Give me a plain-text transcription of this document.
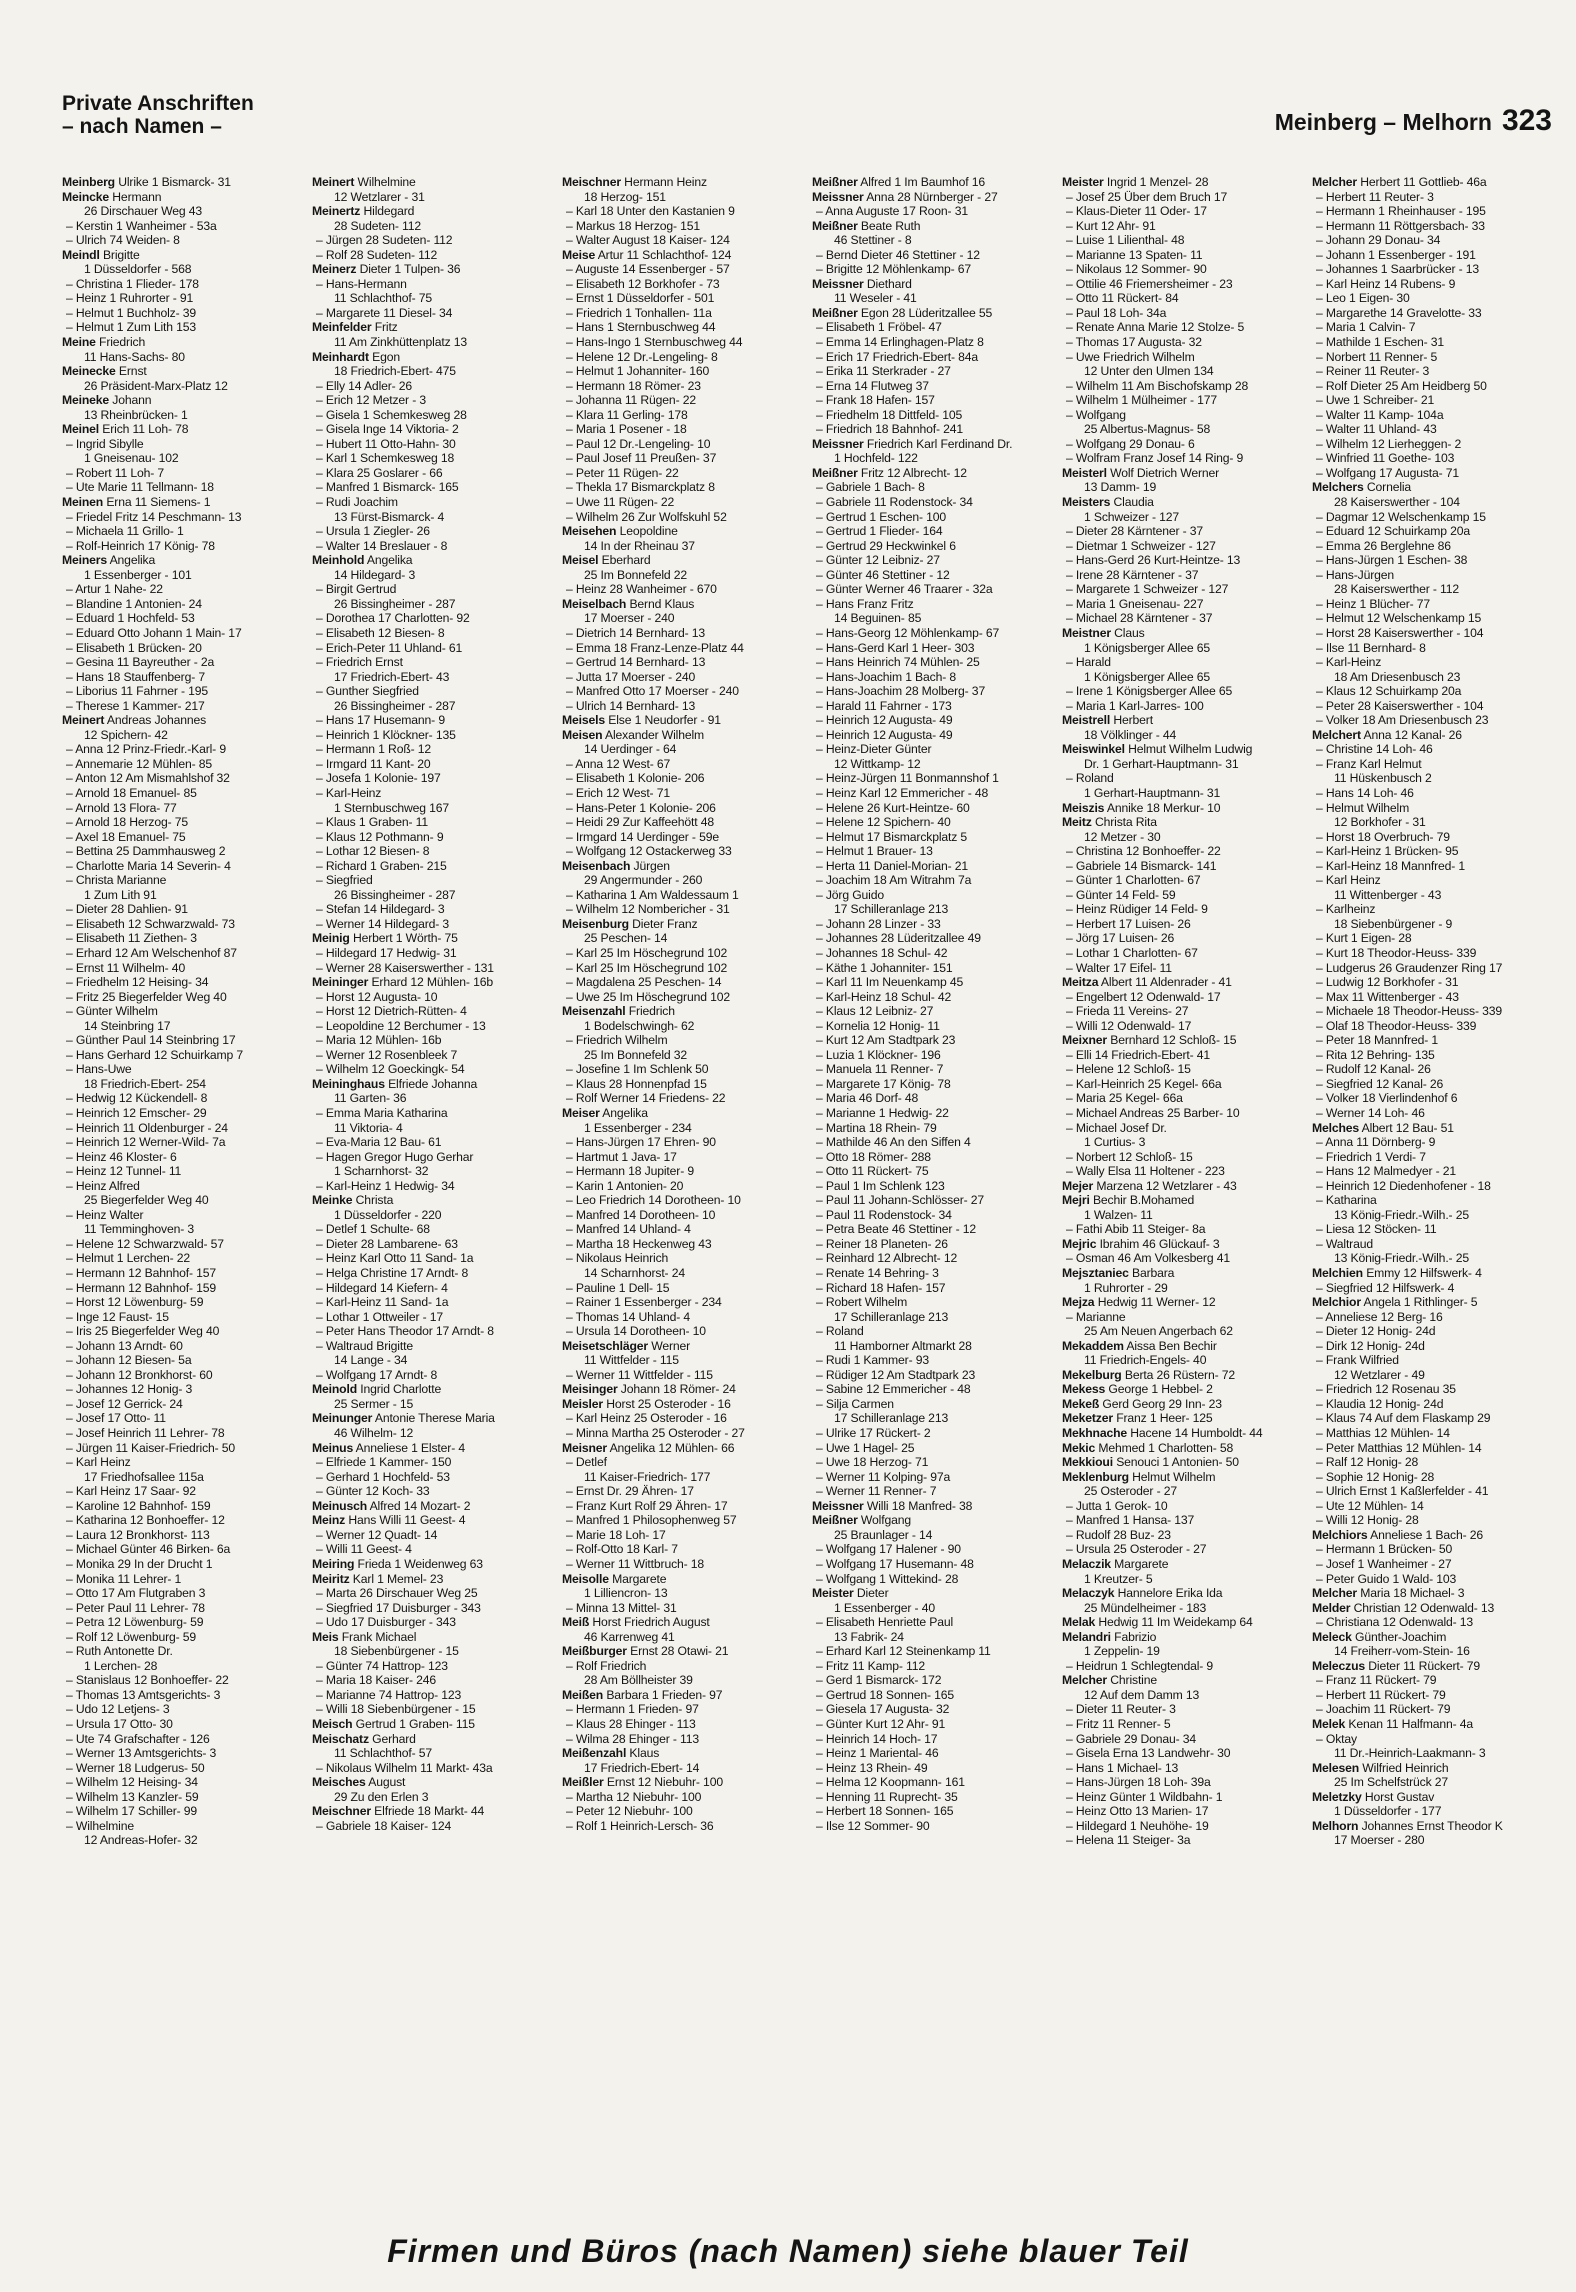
Private Anschriften
– nach Namen –	Meinberg – Melhorn 323
Meinberg Ulrike 1 Bismarck- 31
Meincke Hermann
26 Dirschauer Weg 43
– Kerstin 1 Wanheimer - 53a
– Ulrich 74 Weiden- 8
Meindl Brigitte
1 Düsseldorfer - 568
– Christina 1 Flieder- 178
– Heinz 1 Ruhrorter - 91
– Helmut 1 Buchholz- 39
– Helmut 1 Zum Lith 153
Meine Friedrich
11 Hans-Sachs- 80
Meinecke Ernst
26 Präsident-Marx-Platz 12
Meineke Johann
13 Rheinbrücken- 1
Meinel Erich 11 Loh- 78
– Ingrid Sibylle
1 Gneisenau- 102
– Robert 11 Loh- 7
– Ute Marie 11 Tellmann- 18
Meinen Erna 11 Siemens- 1
– Friedel Fritz 14 Peschmann- 13
– Michaela 11 Grillo- 1
– Rolf-Heinrich 17 König- 78
Meiners Angelika
1 Essenberger - 101
– Artur 1 Nahe- 22
– Blandine 1 Antonien- 24
– Eduard 1 Hochfeld- 53
– Eduard Otto Johann 1 Main- 17
– Elisabeth 1 Brücken- 20
– Gesina 11 Bayreuther - 2a
– Hans 18 Stauffenberg- 7
– Liborius 11 Fahrner - 195
– Therese 1 Kammer- 217
Meinert Andreas Johannes
12 Spichern- 42
– Anna 12 Prinz-Friedr.-Karl- 9
– Annemarie 12 Mühlen- 85
– Anton 12 Am Mismahlshof 32
– Arnold 18 Emanuel- 85
– Arnold 13 Flora- 77
– Arnold 18 Herzog- 75
– Axel 18 Emanuel- 75
– Bettina 25 Dammhausweg 2
– Charlotte Maria 14 Severin- 4
– Christa Marianne
1 Zum Lith 91
– Dieter 28 Dahlien- 91
– Elisabeth 12 Schwarzwald- 73
– Elisabeth 11 Ziethen- 3
– Erhard 12 Am Welschenhof 87
– Ernst 11 Wilhelm- 40
– Friedhelm 12 Heising- 34
– Fritz 25 Biegerfelder Weg 40
– Günter Wilhelm
14 Steinbring 17
– Günther Paul 14 Steinbring 17
– Hans Gerhard 12 Schuirkamp 7
– Hans-Uwe
18 Friedrich-Ebert- 254
– Hedwig 12 Kückendell- 8
– Heinrich 12 Emscher- 29
– Heinrich 11 Oldenburger - 24
– Heinrich 12 Werner-Wild- 7a
– Heinz 46 Kloster- 6
– Heinz 12 Tunnel- 11
– Heinz Alfred
25 Biegerfelder Weg 40
– Heinz Walter
11 Temminghoven- 3
– Helene 12 Schwarzwald- 57
– Helmut 1 Lerchen- 22
– Hermann 12 Bahnhof- 157
– Hermann 12 Bahnhof- 159
– Horst 12 Löwenburg- 59
– Inge 12 Faust- 15
– Iris 25 Biegerfelder Weg 40
– Johann 13 Arndt- 60
– Johann 12 Biesen- 5a
– Johann 12 Bronkhorst- 60
– Johannes 12 Honig- 3
– Josef 12 Gerrick- 24
– Josef 17 Otto- 11
– Josef Heinrich 11 Lehrer- 78
– Jürgen 11 Kaiser-Friedrich- 50
– Karl Heinz
17 Friedhofsallee 115a
– Karl Heinz 17 Saar- 92
– Karoline 12 Bahnhof- 159
– Katharina 12 Bonhoeffer- 12
– Laura 12 Bronkhorst- 113
– Michael Günter 46 Birken- 6a
– Monika 29 In der Drucht 1
– Monika 11 Lehrer- 1
– Otto 17 Am Flutgraben 3
– Peter Paul 11 Lehrer- 78
– Petra 12 Löwenburg- 59
– Rolf 12 Löwenburg- 59
– Ruth Antonette Dr.
1 Lerchen- 28
– Stanislaus 12 Bonhoeffer- 22
– Thomas 13 Amtsgerichts- 3
– Udo 12 Letjens- 3
– Ursula 17 Otto- 30
– Ute 74 Grafschafter - 126
– Werner 13 Amtsgerichts- 3
– Werner 18 Ludgerus- 50
– Wilhelm 12 Heising- 34
– Wilhelm 13 Kanzler- 59
– Wilhelm 17 Schiller- 99
– Wilhelmine
12 Andreas-Hofer- 32
Meinert Wilhelmine
12 Wetzlarer - 31
Meinertz Hildegard
28 Sudeten- 112
– Jürgen 28 Sudeten- 112
– Rolf 28 Sudeten- 112
Meinerz Dieter 1 Tulpen- 36
– Hans-Hermann
11 Schlachthof- 75
– Margarete 11 Diesel- 34
Meinfelder Fritz
11 Am Zinkhüttenplatz 13
Meinhardt Egon
18 Friedrich-Ebert- 475
– Elly 14 Adler- 26
– Erich 12 Metzer - 3
– Gisela 1 Schemkesweg 28
– Gisela Inge 14 Viktoria- 2
– Hubert 11 Otto-Hahn- 30
– Karl 1 Schemkesweg 18
– Klara 25 Goslarer - 66
– Manfred 1 Bismarck- 165
– Rudi Joachim
13 Fürst-Bismarck- 4
– Ursula 1 Ziegler- 26
– Walter 14 Breslauer - 8
Meinhold Angelika
14 Hildegard- 3
– Birgit Gertrud
26 Bissingheimer - 287
– Dorothea 17 Charlotten- 92
– Elisabeth 12 Biesen- 8
– Erich-Peter 11 Uhland- 61
– Friedrich Ernst
17 Friedrich-Ebert- 43
– Gunther Siegfried
26 Bissingheimer - 287
– Hans 17 Husemann- 9
– Heinrich 1 Klöckner- 135
– Hermann 1 Roß- 12
– Irmgard 11 Kant- 20
– Josefa 1 Kolonie- 197
– Karl-Heinz
1 Sternbuschweg 167
– Klaus 1 Graben- 11
– Klaus 12 Pothmann- 9
– Lothar 12 Biesen- 8
– Richard 1 Graben- 215
– Siegfried
26 Bissingheimer - 287
– Stefan 14 Hildegard- 3
– Werner 14 Hildegard- 3
Meinig Herbert 1 Wörth- 75
– Hildegard 17 Hedwig- 31
– Werner 28 Kaiserswerther - 131
Meininger Erhard 12 Mühlen- 16b
– Horst 12 Augusta- 10
– Horst 12 Dietrich-Rütten- 4
– Leopoldine 12 Berchumer - 13
– Maria 12 Mühlen- 16b
– Werner 12 Rosenbleek 7
– Wilhelm 12 Goeckingk- 54
Meininghaus Elfriede Johanna
11 Garten- 36
– Emma Maria Katharina
11 Viktoria- 4
– Eva-Maria 12 Bau- 61
– Hagen Gregor Hugo Gerhar
1 Scharnhorst- 32
– Karl-Heinz 1 Hedwig- 34
Meinke Christa
1 Düsseldorfer - 220
– Detlef 1 Schulte- 68
– Dieter 28 Lambarene- 63
– Heinz Karl Otto 11 Sand- 1a
– Helga Christine 17 Arndt- 8
– Hildegard 14 Kiefern- 4
– Karl-Heinz 11 Sand- 1a
– Lothar 1 Ottweiler - 17
– Peter Hans Theodor 17 Arndt- 8
– Waltraud Brigitte
14 Lange - 34
– Wolfgang 17 Arndt- 8
Meinold Ingrid Charlotte
25 Sermer - 15
Meinunger Antonie Therese Maria
46 Wilhelm- 12
Meinus Anneliese 1 Elster- 4
– Elfriede 1 Kammer- 150
– Gerhard 1 Hochfeld- 53
– Günter 12 Koch- 33
Meinusch Alfred 14 Mozart- 2
Meinz Hans Willi 11 Geest- 4
– Werner 12 Quadt- 14
– Willi 11 Geest- 4
Meiring Frieda 1 Weidenweg 63
Meiritz Karl 1 Memel- 23
– Marta 26 Dirschauer Weg 25
– Siegfried 17 Duisburger - 343
– Udo 17 Duisburger - 343
Meis Frank Michael
18 Siebenbürgener - 15
– Günter 74 Hattrop- 123
– Maria 18 Kaiser- 246
– Marianne 74 Hattrop- 123
– Willi 18 Siebenbürgener - 15
Meisch Gertrud 1 Graben- 115
Meischatz Gerhard
11 Schlachthof- 57
– Nikolaus Wilhelm 11 Markt- 43a
Meisches August
29 Zu den Erlen 3
Meischner Elfriede 18 Markt- 44
– Gabriele 18 Kaiser- 124
Meischner Hermann Heinz
18 Herzog- 151
– Karl 18 Unter den Kastanien 9
– Markus 18 Herzog- 151
– Walter August 18 Kaiser- 124
Meise Artur 11 Schlachthof- 124
– Auguste 14 Essenberger - 57
– Elisabeth 12 Borkhofer - 73
– Ernst 1 Düsseldorfer - 501
– Friedrich 1 Tonhallen- 11a
– Hans 1 Sternbuschweg 44
– Hans-Ingo 1 Sternbuschweg 44
– Helene 12 Dr.-Lengeling- 8
– Helmut 1 Johanniter- 160
– Hermann 18 Römer- 23
– Johanna 11 Rügen- 22
– Klara 11 Gerling- 178
– Maria 1 Posener - 18
– Paul 12 Dr.-Lengeling- 10
– Paul Josef 11 Preußen- 37
– Peter 11 Rügen- 22
– Thekla 17 Bismarckplatz 8
– Uwe 11 Rügen- 22
– Wilhelm 26 Zur Wolfskuhl 52
Meisehen Leopoldine
14 In der Rheinau 37
Meisel Eberhard
25 Im Bonnefeld 22
– Heinz 28 Wanheimer - 670
Meiselbach Bernd Klaus
17 Moerser - 240
– Dietrich 14 Bernhard- 13
– Emma 18 Franz-Lenze-Platz 44
– Gertrud 14 Bernhard- 13
– Jutta 17 Moerser - 240
– Manfred Otto 17 Moerser - 240
– Ulrich 14 Bernhard- 13
Meisels Else 1 Neudorfer - 91
Meisen Alexander Wilhelm
14 Uerdinger - 64
– Anna 12 West- 67
– Elisabeth 1 Kolonie- 206
– Erich 12 West- 71
– Hans-Peter 1 Kolonie- 206
– Heidi 29 Zur Kaffeehött 48
– Irmgard 14 Uerdinger - 59e
– Wolfgang 12 Ostackerweg 33
Meisenbach Jürgen
29 Angermunder - 260
– Katharina 1 Am Waldessaum 1
– Wilhelm 12 Nombericher - 31
Meisenburg Dieter Franz
25 Peschen- 14
– Karl 25 Im Höschegrund 102
– Karl 25 Im Höschegrund 102
– Magdalena 25 Peschen- 14
– Uwe 25 Im Höschegrund 102
Meisenzahl Friedrich
1 Bodelschwingh- 62
– Friedrich Wilhelm
25 Im Bonnefeld 32
– Josefine 1 Im Schlenk 50
– Klaus 28 Honnenpfad 15
– Rolf Werner 14 Friedens- 22
Meiser Angelika
1 Essenberger - 234
– Hans-Jürgen 17 Ehren- 90
– Hartmut 1 Java- 17
– Hermann 18 Jupiter- 9
– Karin 1 Antonien- 20
– Leo Friedrich 14 Dorotheen- 10
– Manfred 14 Dorotheen- 10
– Manfred 14 Uhland- 4
– Martha 18 Heckenweg 43
– Nikolaus Heinrich
14 Scharnhorst- 24
– Pauline 1 Dell- 15
– Rainer 1 Essenberger - 234
– Thomas 14 Uhland- 4
– Ursula 14 Dorotheen- 10
Meisetschläger Werner
11 Wittfelder - 115
– Werner 11 Wittfelder - 115
Meisinger Johann 18 Römer- 24
Meisler Horst 25 Osteroder - 16
– Karl Heinz 25 Osteroder - 16
– Minna Martha 25 Osteroder - 27
Meisner Angelika 12 Mühlen- 66
– Detlef
11 Kaiser-Friedrich- 177
– Ernst Dr. 29 Ähren- 17
– Franz Kurt Rolf 29 Ähren- 17
– Manfred 1 Philosophenweg 57
– Marie 18 Loh- 17
– Rolf-Otto 18 Karl- 7
– Werner 11 Wittbruch- 18
Meisolle Margarete
1 Lilliencron- 13
– Minna 13 Mittel- 31
Meiß Horst Friedrich August
46 Karrenweg 41
Meißburger Ernst 28 Otawi- 21
– Rolf Friedrich
28 Am Böllheister 39
Meißen Barbara 1 Frieden- 97
– Hermann 1 Frieden- 97
– Klaus 28 Ehinger - 113
– Wilma 28 Ehinger - 113
Meißenzahl Klaus
17 Friedrich-Ebert- 14
Meißler Ernst 12 Niebuhr- 100
– Martha 12 Niebuhr- 100
– Peter 12 Niebuhr- 100
– Rolf 1 Heinrich-Lersch- 36
Meißner Alfred 1 Im Baumhof 16
Meissner Anna 28 Nürnberger - 27
– Anna Auguste 17 Roon- 31
Meißner Beate Ruth
46 Stettiner - 8
– Bernd Dieter 46 Stettiner - 12
– Brigitte 12 Möhlenkamp- 67
Meissner Diethard
11 Weseler - 41
Meißner Egon 28 Lüderitzallee 55
– Elisabeth 1 Fröbel- 47
– Emma 14 Erlinghagen-Platz 8
– Erich 17 Friedrich-Ebert- 84a
– Erika 11 Sterkrader - 27
– Erna 14 Flutweg 37
– Frank 18 Hafen- 157
– Friedhelm 18 Dittfeld- 105
– Friedrich 18 Bahnhof- 241
Meissner Friedrich Karl Ferdinand Dr.
1 Hochfeld- 122
Meißner Fritz 12 Albrecht- 12
– Gabriele 1 Bach- 8
– Gabriele 11 Rodenstock- 34
– Gertrud 1 Eschen- 100
– Gertrud 1 Flieder- 164
– Gertrud 29 Heckwinkel 6
– Günter 12 Leibniz- 27
– Günter 46 Stettiner - 12
– Günter Werner 46 Traarer - 32a
– Hans Franz Fritz
14 Beguinen- 85
– Hans-Georg 12 Möhlenkamp- 67
– Hans-Gerd Karl 1 Heer- 303
– Hans Heinrich 74 Mühlen- 25
– Hans-Joachim 1 Bach- 8
– Hans-Joachim 28 Molberg- 37
– Harald 11 Fahrner - 173
– Heinrich 12 Augusta- 49
– Heinrich 12 Augusta- 49
– Heinz-Dieter Günter
12 Wittkamp- 12
– Heinz-Jürgen 11 Bonmannshof 1
– Heinz Karl 12 Emmericher - 48
– Helene 26 Kurt-Heintze- 60
– Helene 12 Spichern- 40
– Helmut 17 Bismarckplatz 5
– Helmut 1 Brauer- 13
– Herta 11 Daniel-Morian- 21
– Joachim 18 Am Witrahm 7a
– Jörg Guido
17 Schilleranlage 213
– Johann 28 Linzer - 33
– Johannes 28 Lüderitzallee 49
– Johannes 18 Schul- 42
– Käthe 1 Johanniter- 151
– Karl 11 Im Neuenkamp 45
– Karl-Heinz 18 Schul- 42
– Klaus 12 Leibniz- 27
– Kornelia 12 Honig- 11
– Kurt 12 Am Stadtpark 23
– Luzia 1 Klöckner- 196
– Manuela 11 Renner- 7
– Margarete 17 König- 78
– Maria 46 Dorf- 48
– Marianne 1 Hedwig- 22
– Martina 18 Rhein- 79
– Mathilde 46 An den Siffen 4
– Otto 18 Römer- 288
– Otto 11 Rückert- 75
– Paul 1 Im Schlenk 123
– Paul 11 Johann-Schlösser- 27
– Paul 11 Rodenstock- 34
– Petra Beate 46 Stettiner - 12
– Reiner 18 Planeten- 26
– Reinhard 12 Albrecht- 12
– Renate 14 Behring- 3
– Richard 18 Hafen- 157
– Robert Wilhelm
17 Schilleranlage 213
– Roland
11 Hamborner Altmarkt 28
– Rudi 1 Kammer- 93
– Rüdiger 12 Am Stadtpark 23
– Sabine 12 Emmericher - 48
– Silja Carmen
17 Schilleranlage 213
– Ulrike 17 Rückert- 2
– Uwe 1 Hagel- 25
– Uwe 18 Herzog- 71
– Werner 11 Kolping- 97a
– Werner 11 Renner- 7
Meissner Willi 18 Manfred- 38
Meißner Wolfgang
25 Braunlager - 14
– Wolfgang 17 Halener - 90
– Wolfgang 17 Husemann- 48
– Wolfgang 1 Wittekind- 28
Meister Dieter
1 Essenberger - 40
– Elisabeth Henriette Paul
13 Fabrik- 24
– Erhard Karl 12 Steinenkamp 11
– Fritz 11 Kamp- 112
– Gerd 1 Bismarck- 172
– Gertrud 18 Sonnen- 165
– Giesela 17 Augusta- 32
– Günter Kurt 12 Ahr- 91
– Heinrich 14 Hoch- 17
– Heinz 1 Mariental- 46
– Heinz 13 Rhein- 49
– Helma 12 Koopmann- 161
– Henning 11 Ruprecht- 35
– Herbert 18 Sonnen- 165
– Ilse 12 Sommer- 90
Meister Ingrid 1 Menzel- 28
– Josef 25 Über dem Bruch 17
– Klaus-Dieter 11 Oder- 17
– Kurt 12 Ahr- 91
– Luise 1 Lilienthal- 48
– Marianne 13 Spaten- 11
– Nikolaus 12 Sommer- 90
– Ottilie 46 Friemersheimer - 23
– Otto 11 Rückert- 84
– Paul 18 Loh- 34a
– Renate Anna Marie 12 Stolze- 5
– Thomas 17 Augusta- 32
– Uwe Friedrich Wilhelm
12 Unter den Ulmen 134
– Wilhelm 11 Am Bischofskamp 28
– Wilhelm 1 Mülheimer - 177
– Wolfgang
25 Albertus-Magnus- 58
– Wolfgang 29 Donau- 6
– Wolfram Franz Josef 14 Ring- 9
Meisterl Wolf Dietrich Werner
13 Damm- 19
Meisters Claudia
1 Schweizer - 127
– Dieter 28 Kärntener - 37
– Dietmar 1 Schweizer - 127
– Hans-Gerd 26 Kurt-Heintze- 13
– Irene 28 Kärntener - 37
– Margarete 1 Schweizer - 127
– Maria 1 Gneisenau- 227
– Michael 28 Kärntener - 37
Meistner Claus
1 Königsberger Allee 65
– Harald
1 Königsberger Allee 65
– Irene 1 Königsberger Allee 65
– Maria 1 Karl-Jarres- 100
Meistrell Herbert
18 Völklinger - 44
Meiswinkel Helmut Wilhelm Ludwig
Dr. 1 Gerhart-Hauptmann- 31
– Roland
1 Gerhart-Hauptmann- 31
Meiszis Annike 18 Merkur- 10
Meitz Christa Rita
12 Metzer - 30
– Christina 12 Bonhoeffer- 22
– Gabriele 14 Bismarck- 141
– Günter 1 Charlotten- 67
– Günter 14 Feld- 59
– Heinz Rüdiger 14 Feld- 9
– Herbert 17 Luisen- 26
– Jörg 17 Luisen- 26
– Lothar 1 Charlotten- 67
– Walter 17 Eifel- 11
Meitza Albert 11 Aldenrader - 41
– Engelbert 12 Odenwald- 17
– Frieda 11 Vereins- 27
– Willi 12 Odenwald- 17
Meixner Bernhard 12 Schloß- 15
– Elli 14 Friedrich-Ebert- 41
– Helene 12 Schloß- 15
– Karl-Heinrich 25 Kegel- 66a
– Maria 25 Kegel- 66a
– Michael Andreas 25 Barber- 10
– Michael Josef Dr.
1 Curtius- 3
– Norbert 12 Schloß- 15
– Wally Elsa 11 Holtener - 223
Mejer Marzena 12 Wetzlarer - 43
Mejri Bechir B.Mohamed
1 Walzen- 11
– Fathi Abib 11 Steiger- 8a
Mejric Ibrahim 46 Glückauf- 3
– Osman 46 Am Volkesberg 41
Mejsztaniec Barbara
1 Ruhrorter - 29
Mejza Hedwig 11 Werner- 12
– Marianne
25 Am Neuen Angerbach 62
Mekaddem Aissa Ben Bechir
11 Friedrich-Engels- 40
Mekelburg Berta 26 Rüstern- 72
Mekess George 1 Hebbel- 2
Mekeß Gerd Georg 29 Inn- 23
Meketzer Franz 1 Heer- 125
Mekhnache Hacene 14 Humboldt- 44
Mekic Mehmed 1 Charlotten- 58
Mekkioui Senouci 1 Antonien- 50
Meklenburg Helmut Wilhelm
25 Osteroder - 27
– Jutta 1 Gerok- 10
– Manfred 1 Hansa- 137
– Rudolf 28 Buz- 23
– Ursula 25 Osteroder - 27
Melaczik Margarete
1 Kreutzer- 5
Melaczyk Hannelore Erika Ida
25 Mündelheimer - 183
Melak Hedwig 11 Im Weidekamp 64
Melandri Fabrizio
1 Zeppelin- 19
– Heidrun 1 Schlegtendal- 9
Melcher Christine
12 Auf dem Damm 13
– Dieter 11 Reuter- 3
– Fritz 11 Renner- 5
– Gabriele 29 Donau- 34
– Gisela Erna 13 Landwehr- 30
– Hans 1 Michael- 13
– Hans-Jürgen 18 Loh- 39a
– Heinz Günter 1 Wildbahn- 1
– Heinz Otto 13 Marien- 17
– Hildegard 1 Neuhöhe- 19
– Helena 11 Steiger- 3a
Melcher Herbert 11 Gottlieb- 46a
– Herbert 11 Reuter- 3
– Hermann 1 Rheinhauser - 195
– Hermann 11 Röttgersbach- 33
– Johann 29 Donau- 34
– Johann 1 Essenberger - 191
– Johannes 1 Saarbrücker - 13
– Karl Heinz 14 Rubens- 9
– Leo 1 Eigen- 30
– Margarethe 14 Gravelotte- 33
– Maria 1 Calvin- 7
– Mathilde 1 Eschen- 31
– Norbert 11 Renner- 5
– Reiner 11 Reuter- 3
– Rolf Dieter 25 Am Heidberg 50
– Uwe 1 Schreiber- 21
– Walter 11 Kamp- 104a
– Walter 11 Uhland- 43
– Wilhelm 12 Lierheggen- 2
– Winfried 11 Goethe- 103
– Wolfgang 17 Augusta- 71
Melchers Cornelia
28 Kaiserswerther - 104
– Dagmar 12 Welschenkamp 15
– Eduard 12 Schuirkamp 20a
– Emma 26 Berglehne 86
– Hans-Jürgen 1 Eschen- 38
– Hans-Jürgen
28 Kaiserswerther - 112
– Heinz 1 Blücher- 77
– Helmut 12 Welschenkamp 15
– Horst 28 Kaiserswerther - 104
– Ilse 11 Bernhard- 8
– Karl-Heinz
18 Am Driesenbusch 23
– Klaus 12 Schuirkamp 20a
– Peter 28 Kaiserswerther - 104
– Volker 18 Am Driesenbusch 23
Melchert Anna 12 Kanal- 26
– Christine 14 Loh- 46
– Franz Karl Helmut
11 Hüskenbusch 2
– Hans 14 Loh- 46
– Helmut Wilhelm
12 Borkhofer - 31
– Horst 18 Overbruch- 79
– Karl-Heinz 1 Brücken- 95
– Karl-Heinz 18 Mannfred- 1
– Karl Heinz
11 Wittenberger - 43
– Karlheinz
18 Siebenbürgener - 9
– Kurt 1 Eigen- 28
– Kurt 18 Theodor-Heuss- 339
– Ludgerus 26 Graudenzer Ring 17
– Ludwig 12 Borkhofer - 31
– Max 11 Wittenberger - 43
– Michaele 18 Theodor-Heuss- 339
– Olaf 18 Theodor-Heuss- 339
– Peter 18 Mannfred- 1
– Rita 12 Behring- 135
– Rudolf 12 Kanal- 26
– Siegfried 12 Kanal- 26
– Volker 18 Vierlindenhof 6
– Werner 14 Loh- 46
Melches Albert 12 Bau- 51
– Anna 11 Dörnberg- 9
– Friedrich 1 Verdi- 7
– Hans 12 Malmedyer - 21
– Heinrich 12 Diedenhofener - 18
– Katharina
13 König-Friedr.-Wilh.- 25
– Liesa 12 Stöcken- 11
– Waltraud
13 König-Friedr.-Wilh.- 25
Melchien Emmy 12 Hilfswerk- 4
– Siegfried 12 Hilfswerk- 4
Melchior Angela 1 Rithlinger- 5
– Anneliese 12 Berg- 16
– Dieter 12 Honig- 24d
– Dirk 12 Honig- 24d
– Frank Wilfried
12 Wetzlarer - 49
– Friedrich 12 Rosenau 35
– Klaudia 12 Honig- 24d
– Klaus 74 Auf dem Flaskamp 29
– Matthias 12 Mühlen- 14
– Peter Matthias 12 Mühlen- 14
– Ralf 12 Honig- 28
– Sophie 12 Honig- 28
– Ulrich Ernst 1 Kaßlerfelder - 41
– Ute 12 Mühlen- 14
– Willi 12 Honig- 28
Melchiors Anneliese 1 Bach- 26
– Hermann 1 Brücken- 50
– Josef 1 Wanheimer - 27
– Peter Guido 1 Wald- 103
Melcher Maria 18 Michael- 3
Melder Christian 12 Odenwald- 13
– Christiana 12 Odenwald- 13
Meleck Günther-Joachim
14 Freiherr-vom-Stein- 16
Meleczus Dieter 11 Rückert- 79
– Franz 11 Rückert- 79
– Herbert 11 Rückert- 79
– Joachim 11 Rückert- 79
Melek Kenan 11 Halfmann- 4a
– Oktay
11 Dr.-Heinrich-Laakmann- 3
Melesen Wilfried Heinrich
25 Im Schelfstrück 27
Meletzky Horst Gustav
1 Düsseldorfer - 177
Melhorn Johannes Ernst Theodor K
17 Moerser - 280
Firmen und Büros (nach Namen) siehe blauer Teil
